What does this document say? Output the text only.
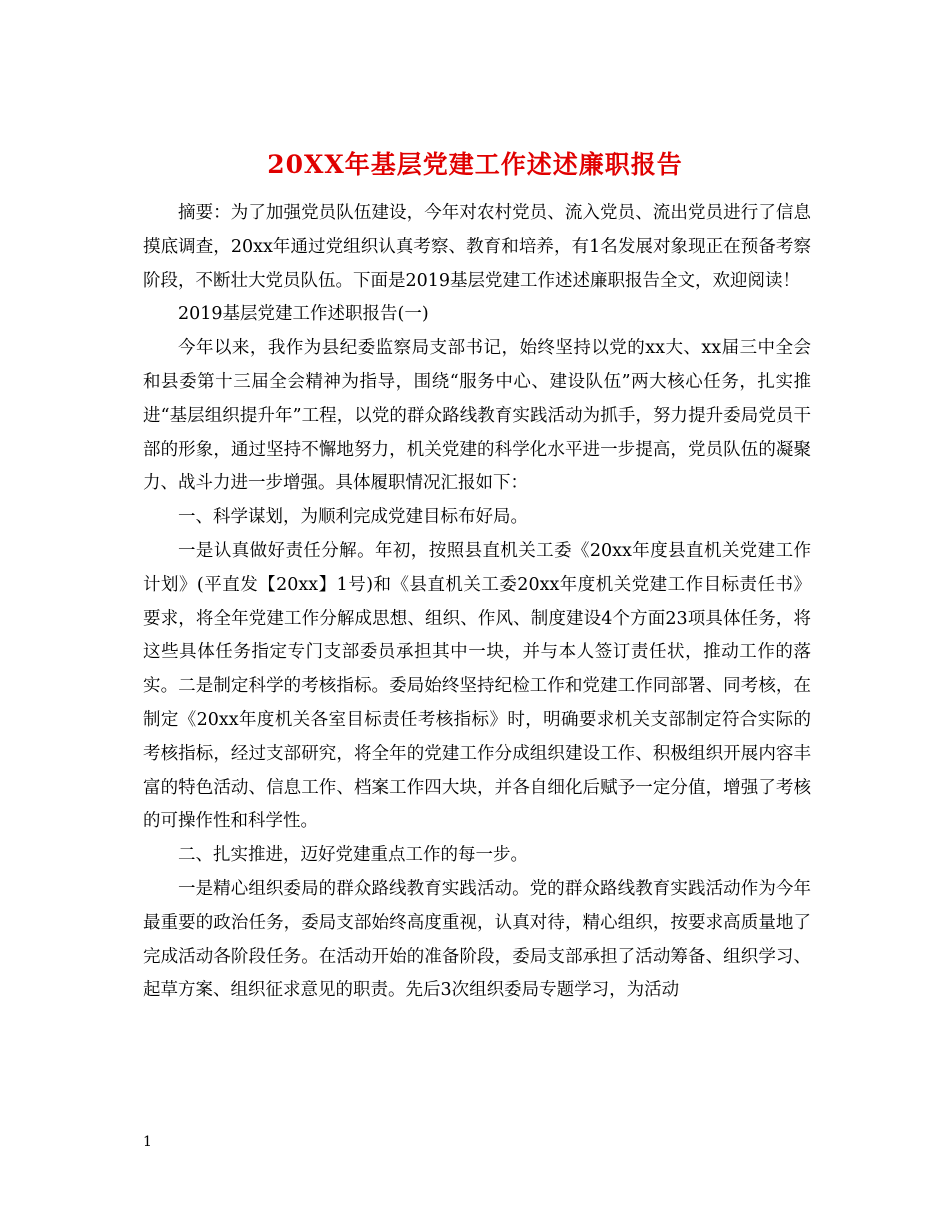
20XX年基层党建工作述述廉职报告

摘要：为了加强党员队伍建设，今年对农村党员、流入党员、流出党员进行了信息摸底调查，20xx年通过党组织认真考察、教育和培养，有1名发展对象现正在预备考察阶段，不断壮大党员队伍。下面是2019基层党建工作述述廉职报告全文，欢迎阅读！

2019基层党建工作述职报告(一)

今年以来，我作为县纪委监察局支部书记，始终坚持以党的xx大、xx届三中全会和县委第十三届全会精神为指导，围绕“服务中心、建设队伍”两大核心任务，扎实推进“基层组织提升年”工程，以党的群众路线教育实践活动为抓手，努力提升委局党员干部的形象，通过坚持不懈地努力，机关党建的科学化水平进一步提高，党员队伍的凝聚力、战斗力进一步增强。具体履职情况汇报如下：

一、科学谋划，为顺利完成党建目标布好局。

一是认真做好责任分解。年初，按照县直机关工委《20xx年度县直机关党建工作计划》(平直发【20xx】1号)和《县直机关工委20xx年度机关党建工作目标责任书》要求，将全年党建工作分解成思想、组织、作风、制度建设4个方面23项具体任务，将这些具体任务指定专门支部委员承担其中一块，并与本人签订责任状，推动工作的落实。二是制定科学的考核指标。委局始终坚持纪检工作和党建工作同部署、同考核，在制定《20xx年度机关各室目标责任考核指标》时，明确要求机关支部制定符合实际的考核指标，经过支部研究，将全年的党建工作分成组织建设工作、积极组织开展内容丰富的特色活动、信息工作、档案工作四大块，并各自细化后赋予一定分值，增强了考核的可操作性和科学性。

二、扎实推进，迈好党建重点工作的每一步。

一是精心组织委局的群众路线教育实践活动。党的群众路线教育实践活动作为今年最重要的政治任务，委局支部始终高度重视，认真对待，精心组织，按要求高质量地了完成活动各阶段任务。在活动开始的准备阶段，委局支部承担了活动筹备、组织学习、起草方案、组织征求意见的职责。先后3次组织委局专题学习，为活动

1
